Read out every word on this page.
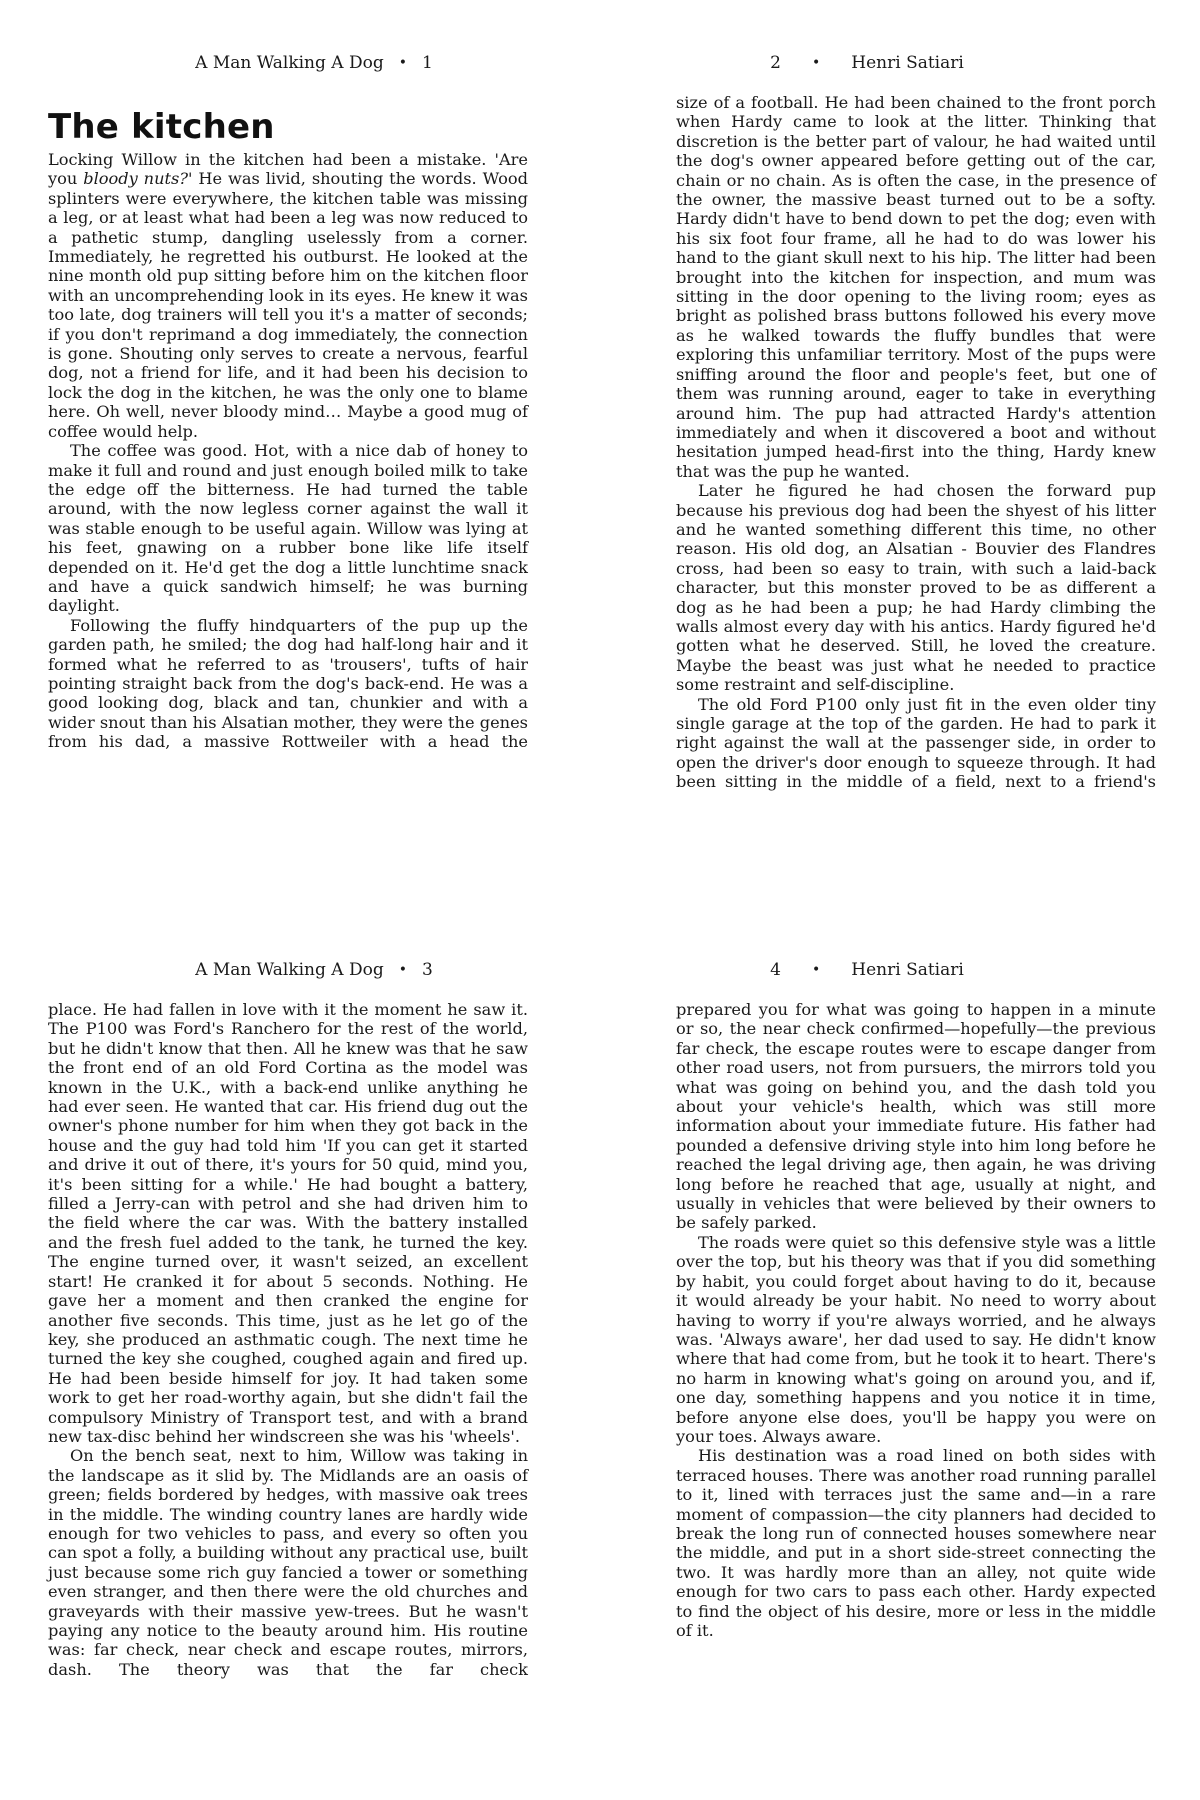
A Man Walking A Dog • 1
The kitchen

Locking Willow in the kitchen had been a mistake. 'Are you bloody nuts?' He was livid, shouting the words. Wood splinters were everywhere, the kitchen table was missing a leg, or at least what had been a leg was now reduced to a pathetic stump, dangling uselessly from a corner. Immediately, he regretted his outburst. He looked at the nine month old pup sitting before him on the kitchen floor with an uncomprehending look in its eyes. He knew it was too late, dog trainers will tell you it's a matter of seconds; if you don't reprimand a dog immediately, the connection is gone. Shouting only serves to create a nervous, fearful dog, not a friend for life, and it had been his decision to lock the dog in the kitchen, he was the only one to blame here. Oh well, never bloody mind… Maybe a good mug of coffee would help.

The coffee was good. Hot, with a nice dab of honey to make it full and round and just enough boiled milk to take the edge off the bitterness. He had turned the table around, with the now legless corner against the wall it was stable enough to be useful again. Willow was lying at his feet, gnawing on a rubber bone like life itself depended on it. He'd get the dog a little lunchtime snack and have a quick sandwich himself; he was burning daylight.

Following the fluffy hindquarters of the pup up the garden path, he smiled; the dog had half-long hair and it formed what he referred to as 'trousers', tufts of hair pointing straight back from the dog's back-end. He was a good looking dog, black and tan, chunkier and with a wider snout than his Alsatian mother, they were the genes from his dad, a massive Rottweiler with a head the

2 • Henri Satiari

size of a football. He had been chained to the front porch when Hardy came to look at the litter. Thinking that discretion is the better part of valour, he had waited until the dog's owner appeared before getting out of the car, chain or no chain. As is often the case, in the presence of the owner, the massive beast turned out to be a softy. Hardy didn't have to bend down to pet the dog; even with his six foot four frame, all he had to do was lower his hand to the giant skull next to his hip. The litter had been brought into the kitchen for inspection, and mum was sitting in the door opening to the living room; eyes as bright as polished brass buttons followed his every move as he walked towards the fluffy bundles that were exploring this unfamiliar territory. Most of the pups were sniffing around the floor and people's feet, but one of them was running around, eager to take in everything around him. The pup had attracted Hardy's attention immediately and when it discovered a boot and without hesitation jumped head-first into the thing, Hardy knew that was the pup he wanted.

Later he figured he had chosen the forward pup because his previous dog had been the shyest of his litter and he wanted something different this time, no other reason. His old dog, an Alsatian - Bouvier des Flandres cross, had been so easy to train, with such a laid-back character, but this monster proved to be as different a dog as he had been a pup; he had Hardy climbing the walls almost every day with his antics. Hardy figured he'd gotten what he deserved. Still, he loved the creature. Maybe the beast was just what he needed to practice some restraint and self-discipline.

The old Ford P100 only just fit in the even older tiny single garage at the top of the garden. He had to park it right against the wall at the passenger side, in order to open the driver's door enough to squeeze through. It had been sitting in the middle of a field, next to a friend's

A Man Walking A Dog • 3

place. He had fallen in love with it the moment he saw it. The P100 was Ford's Ranchero for the rest of the world, but he didn't know that then. All he knew was that he saw the front end of an old Ford Cortina as the model was known in the U.K., with a back-end unlike anything he had ever seen. He wanted that car. His friend dug out the owner's phone number for him when they got back in the house and the guy had told him 'If you can get it started and drive it out of there, it's yours for 50 quid, mind you, it's been sitting for a while.' He had bought a battery, filled a Jerry-can with petrol and she had driven him to the field where the car was. With the battery installed and the fresh fuel added to the tank, he turned the key. The engine turned over, it wasn't seized, an excellent start! He cranked it for about 5 seconds. Nothing. He gave her a moment and then cranked the engine for another five seconds. This time, just as he let go of the key, she produced an asthmatic cough. The next time he turned the key she coughed, coughed again and fired up. He had been beside himself for joy. It had taken some work to get her road-worthy again, but she didn't fail the compulsory Ministry of Transport test, and with a brand new tax-disc behind her windscreen she was his 'wheels'.

On the bench seat, next to him, Willow was taking in the landscape as it slid by. The Midlands are an oasis of green; fields bordered by hedges, with massive oak trees in the middle. The winding country lanes are hardly wide enough for two vehicles to pass, and every so often you can spot a folly, a building without any practical use, built just because some rich guy fancied a tower or something even stranger, and then there were the old churches and graveyards with their massive yew-trees. But he wasn't paying any notice to the beauty around him. His routine was: far check, near check and escape routes, mirrors, dash. The theory was that the far check

4 • Henri Satiari

prepared you for what was going to happen in a minute or so, the near check confirmed—hopefully—the previous far check, the escape routes were to escape danger from other road users, not from pursuers, the mirrors told you what was going on behind you, and the dash told you about your vehicle's health, which was still more information about your immediate future. His father had pounded a defensive driving style into him long before he reached the legal driving age, then again, he was driving long before he reached that age, usually at night, and usually in vehicles that were believed by their owners to be safely parked.

The roads were quiet so this defensive style was a little over the top, but his theory was that if you did something by habit, you could forget about having to do it, because it would already be your habit. No need to worry about having to worry if you're always worried, and he always was. 'Always aware', her dad used to say. He didn't know where that had come from, but he took it to heart. There's no harm in knowing what's going on around you, and if, one day, something happens and you notice it in time, before anyone else does, you'll be happy you were on your toes. Always aware.

His destination was a road lined on both sides with terraced houses. There was another road running parallel to it, lined with terraces just the same and—in a rare moment of compassion—the city planners had decided to break the long run of connected houses somewhere near the middle, and put in a short side-street connecting the two. It was hardly more than an alley, not quite wide enough for two cars to pass each other. Hardy expected to find the object of his desire, more or less in the middle of it.
